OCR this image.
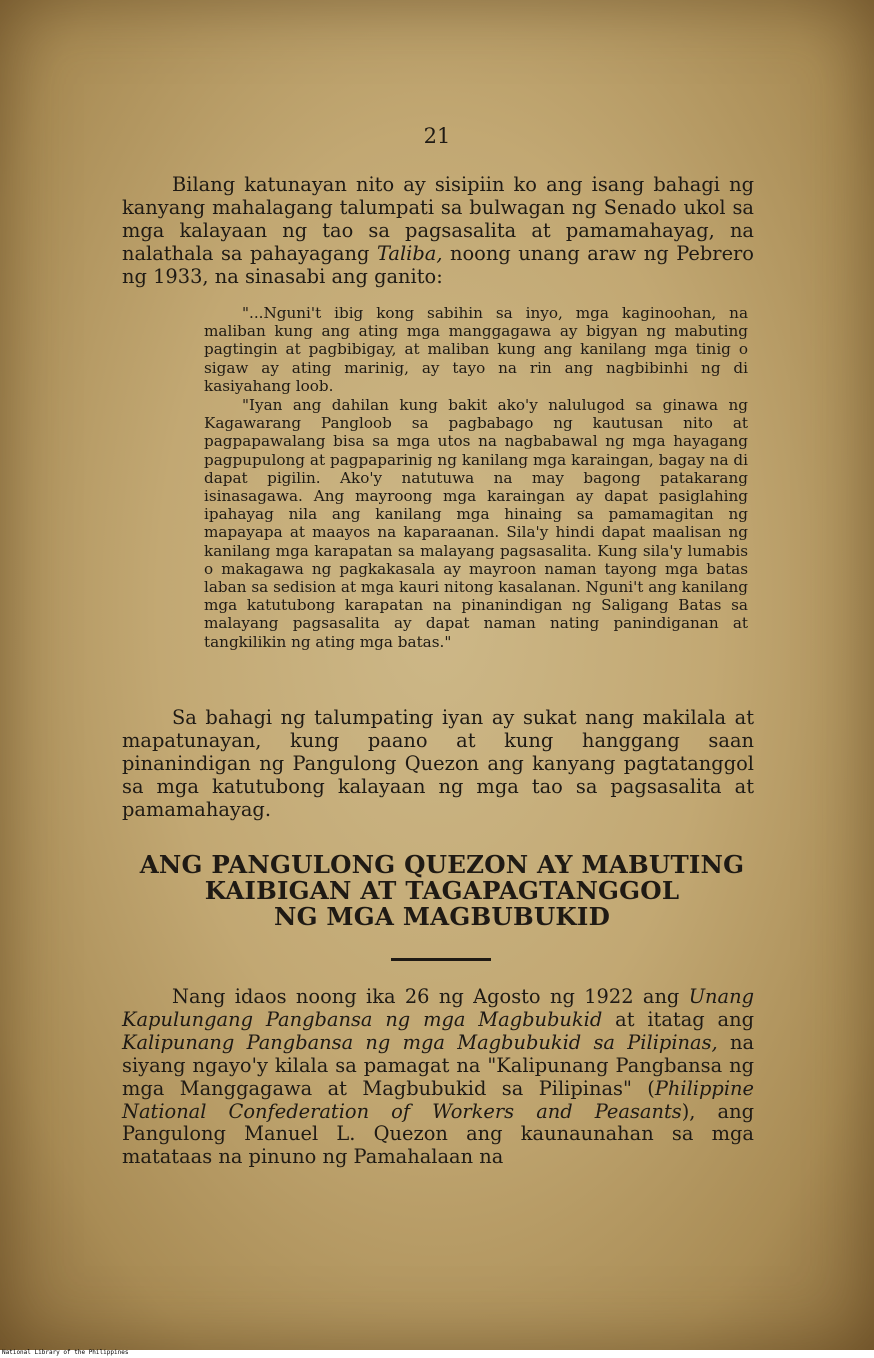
21

Bilang katunayan nito ay sisipiin ko ang isang bahagi ng kanyang mahalagang talumpati sa bulwagan ng Senado ukol sa mga kalayaan ng tao sa pagsasalita at pamamahayag, na nalathala sa pahayagang Taliba, noong unang araw ng Pebrero ng 1933, na sinasabi ang ganito:

"...Nguni't ibig kong sabihin sa inyo, mga kaginoohan, na maliban kung ang ating mga manggagawa ay bigyan ng mabuting pagtingin at pagbibigay, at maliban kung ang kanilang mga tinig o sigaw ay ating marinig, ay tayo na rin ang nagbibinhi ng di kasiyahang loob.

"Iyan ang dahilan kung bakit ako'y nalulugod sa ginawa ng Kagawarang Pangloob sa pagbabago ng kautusan nito at pagpapawalang bisa sa mga utos na nagbabawal ng mga hayagang pagpupulong at pagpaparinig ng kanilang mga karaingan, bagay na di dapat pigilin. Ako'y natutuwa na may bagong patakarang isinasagawa. Ang mayroong mga karaingan ay dapat pasiglahing ipahayag nila ang kanilang mga hinaing sa pamamagitan ng mapayapa at maayos na kaparaanan. Sila'y hindi dapat maalisan ng kanilang mga karapatan sa malayang pagsasalita. Kung sila'y lumabis o makagawa ng pagkakasala ay mayroon naman tayong mga batas laban sa sedision at mga kauri nitong kasalanan. Nguni't ang kanilang mga katutubong karapatan na pinanindigan ng Saligang Batas sa malayang pagsasalita ay dapat naman nating panindiganan at tangkilikin ng ating mga batas."

Sa bahagi ng talumpating iyan ay sukat nang makilala at mapatunayan, kung paano at kung hanggang saan pinanindigan ng Pangulong Quezon ang kanyang pagtatanggol sa mga katutubong kalayaan ng mga tao sa pagsasalita at pamamahayag.

ANG PANGULONG QUEZON AY MABUTING
KAIBIGAN AT TAGAPAGTANGGOL
NG MGA MAGBUBUKID

Nang idaos noong ika 26 ng Agosto ng 1922 ang Unang Kapulungang Pangbansa ng mga Magbubukid at itatag ang Kalipunang Pangbansa ng mga Magbubukid sa Pilipinas, na siyang ngayo'y kilala sa pamagat na "Kalipunang Pangbansa ng mga Manggagawa at Magbubukid sa Pilipinas" (Philippine National Confederation of Workers and Peasants), ang Pangulong Manuel L. Quezon ang kaunaunahan sa mga matataas na pinuno ng Pamahalaan na

National Library of the Philippines
